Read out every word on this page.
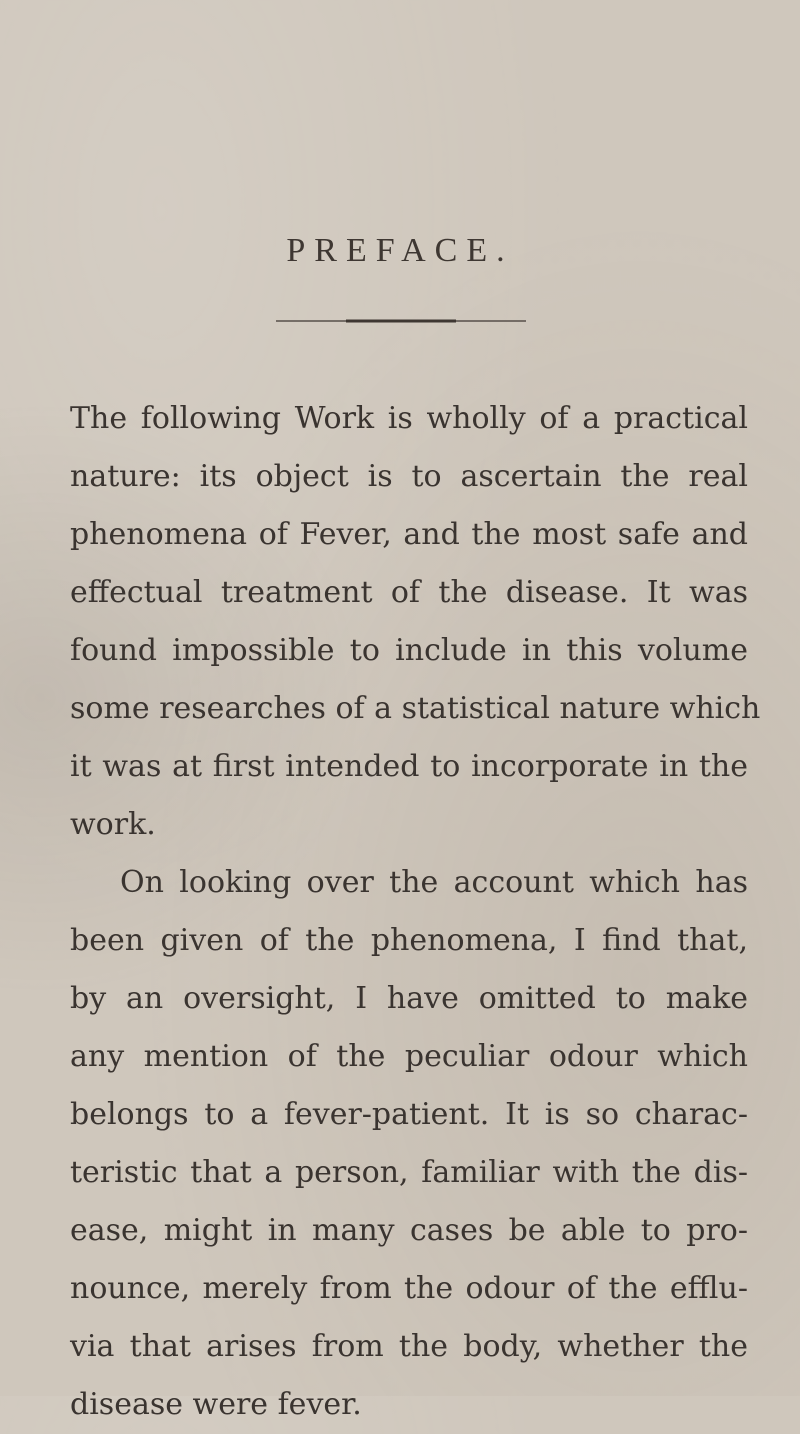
PREFACE.
The following Work is wholly of a practical
nature: its object is to ascertain the real
phenomena of Fever, and the most safe and
effectual treatment of the disease. It was
found impossible to include in this volume
some researches of a statistical nature which
it was at first intended to incorporate in the
work.
On looking over the account which has
been given of the phenomena, I find that,
by an oversight, I have omitted to make
any mention of the peculiar odour which
belongs to a fever-patient. It is so charac-
teristic that a person, familiar with the dis-
ease, might in many cases be able to pro-
nounce, merely from the odour of the efflu-
via that arises from the body, whether the
disease were fever.
